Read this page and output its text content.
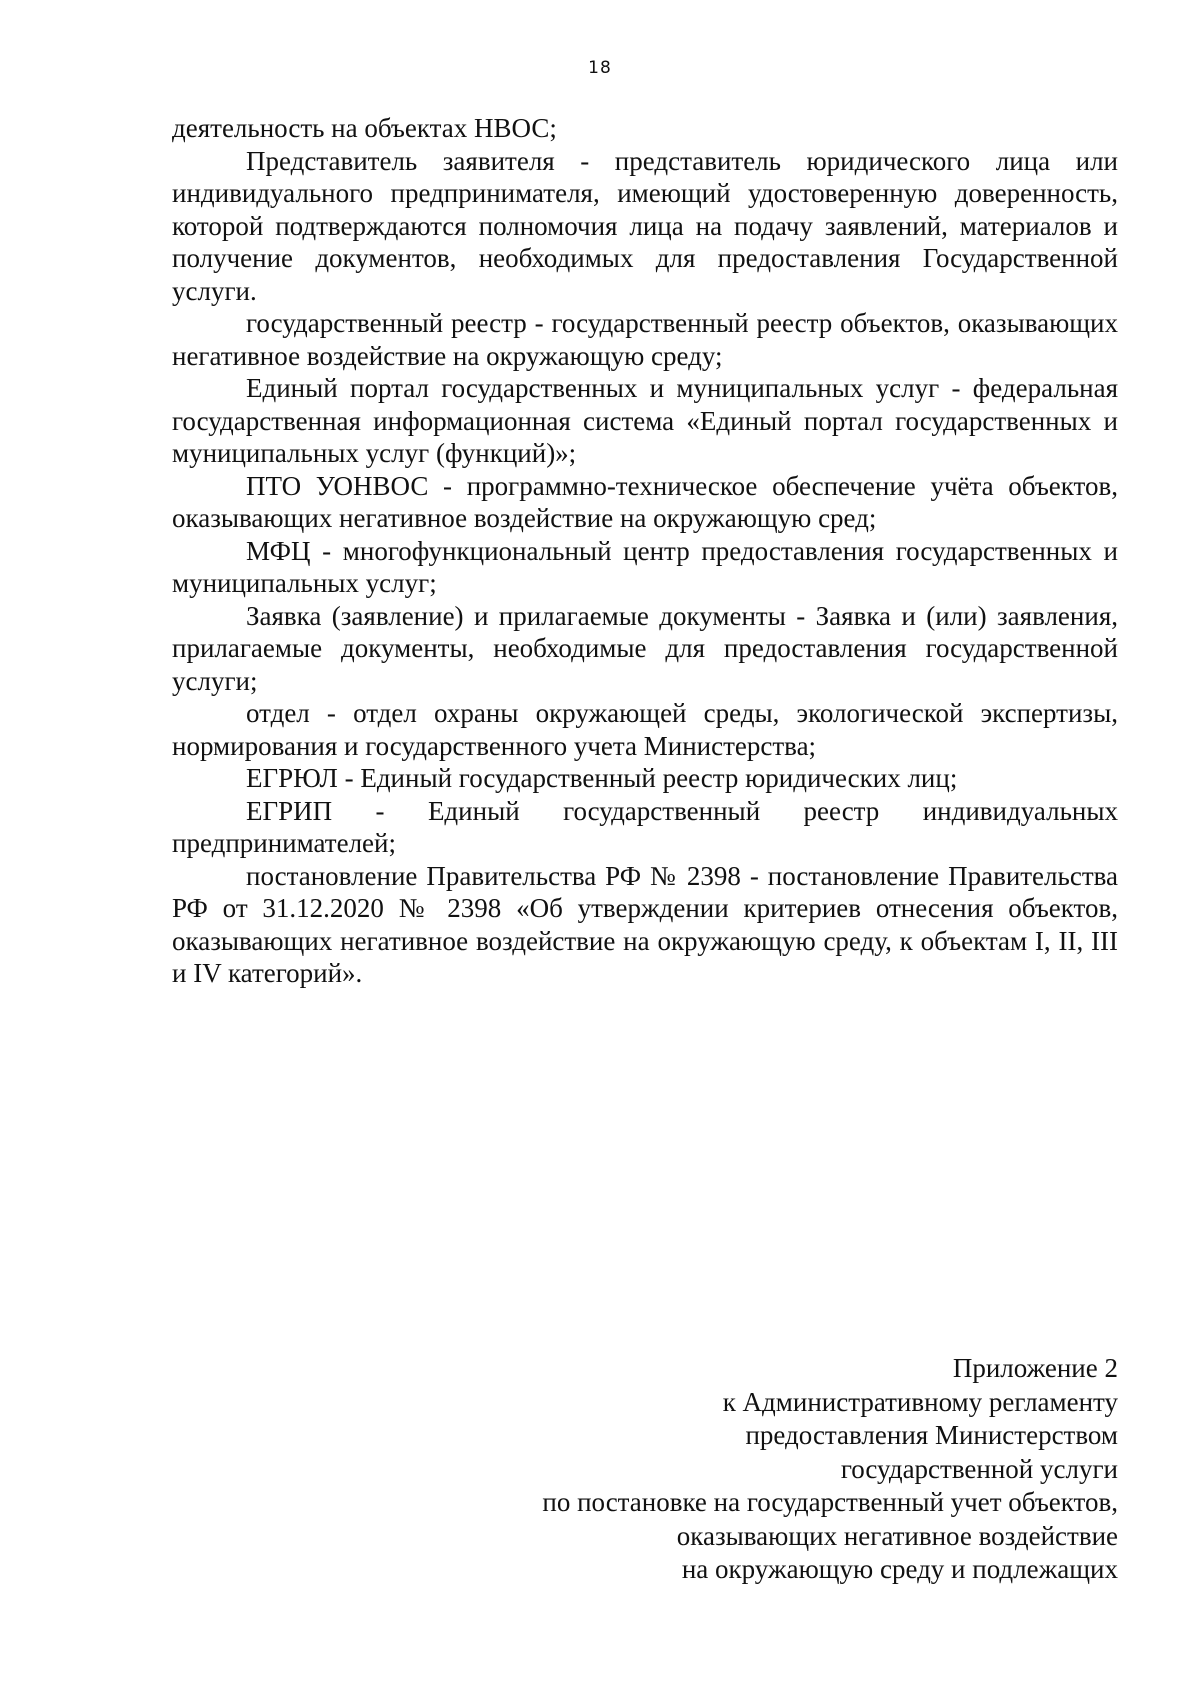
18

деятельность на объектах НВОС;

Представитель заявителя - представитель юридического лица или индивидуального предпринимателя, имеющий удостоверенную доверенность, которой подтверждаются полномочия лица на подачу заявлений, материалов и получение документов, необходимых для предоставления Государственной услуги.

государственный реестр - государственный реестр объектов, оказывающих негативное воздействие на окружающую среду;

Единый портал государственных и муниципальных услуг - федеральная государственная информационная система «Единый портал государственных и муниципальных услуг (функций)»;

ПТО УОНВОС - программно-техническое обеспечение учёта объектов, оказывающих негативное воздействие на окружающую сред;

МФЦ - многофункциональный центр предоставления государственных и муниципальных услуг;

Заявка (заявление) и прилагаемые документы - Заявка и (или) заявления, прилагаемые документы, необходимые для предоставления государственной услуги;

отдел - отдел охраны окружающей среды, экологической экспертизы, нормирования и государственного учета Министерства;

ЕГРЮЛ - Единый государственный реестр юридических лиц;

ЕГРИП - Единый государственный реестр индивидуальных предпринимателей;

постановление Правительства РФ № 2398 - постановление Правительства РФ от 31.12.2020 № 2398 «Об утверждении критериев отнесения объектов, оказывающих негативное воздействие на окружающую среду, к объектам I, II, III и IV категорий».

Приложение 2
к Административному регламенту
предоставления Министерством
государственной услуги
по постановке на государственный учет объектов,
оказывающих негативное воздействие
на окружающую среду и подлежащих
